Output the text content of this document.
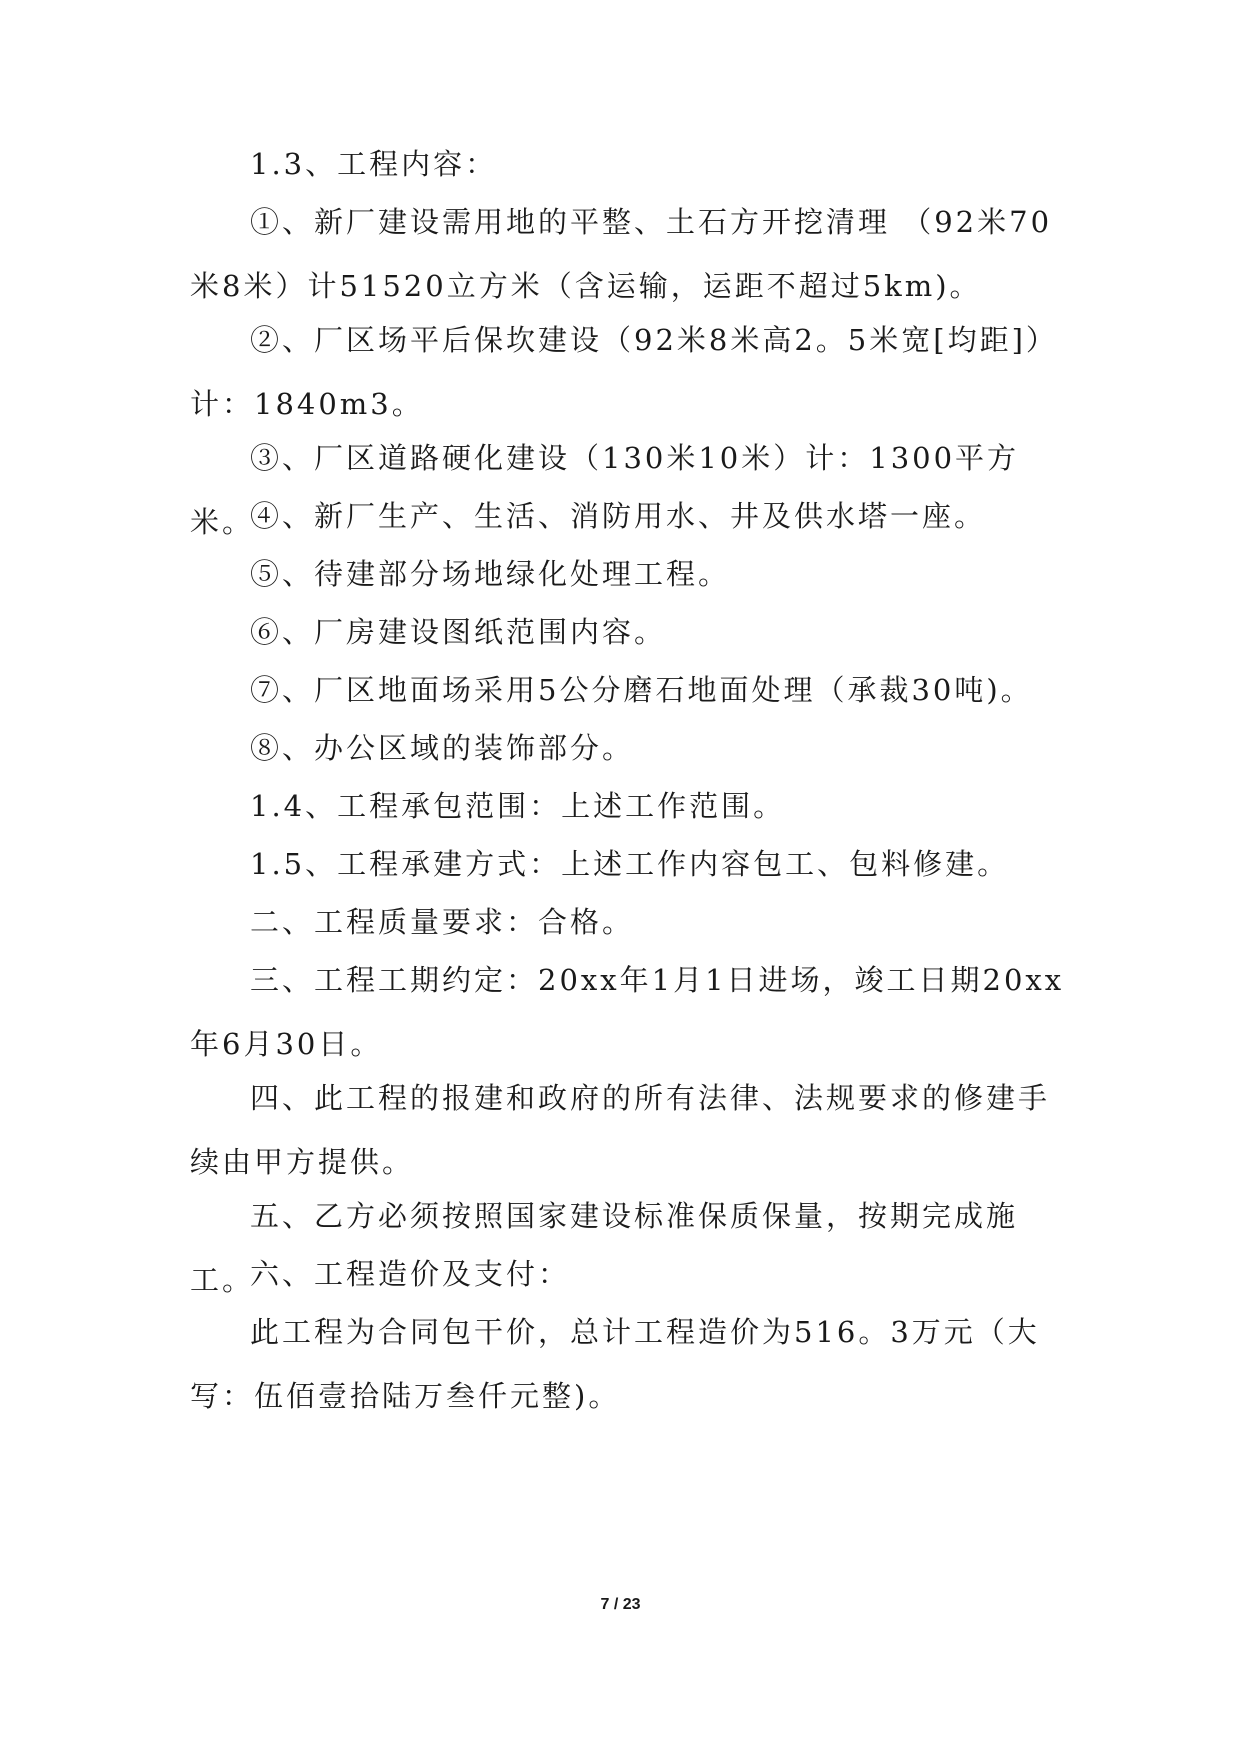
1.3、工程内容：

①、新厂建设需用地的平整、土石方开挖清理 （92米70米8米）计51520立方米（含运输，运距不超过5km)。

②、厂区场平后保坎建设（92米8米高2。5米宽[均距]）计：1840m3。

③、厂区道路硬化建设（130米10米）计：1300平方米。

④、新厂生产、生活、消防用水、井及供水塔一座。

⑤、待建部分场地绿化处理工程。

⑥、厂房建设图纸范围内容。

⑦、厂区地面场采用5公分磨石地面处理（承裁30吨)。

⑧、办公区域的装饰部分。

1.4、工程承包范围：上述工作范围。

1.5、工程承建方式：上述工作内容包工、包料修建。

二、工程质量要求：合格。

三、工程工期约定：20xx年1月1日进场，竣工日期20xx年6月30日。

四、此工程的报建和政府的所有法律、法规要求的修建手续由甲方提供。

五、乙方必须按照国家建设标准保质保量，按期完成施工。

六、工程造价及支付：

此工程为合同包干价，总计工程造价为516。3万元（大写：伍佰壹拾陆万叁仟元整)。

7 / 23
